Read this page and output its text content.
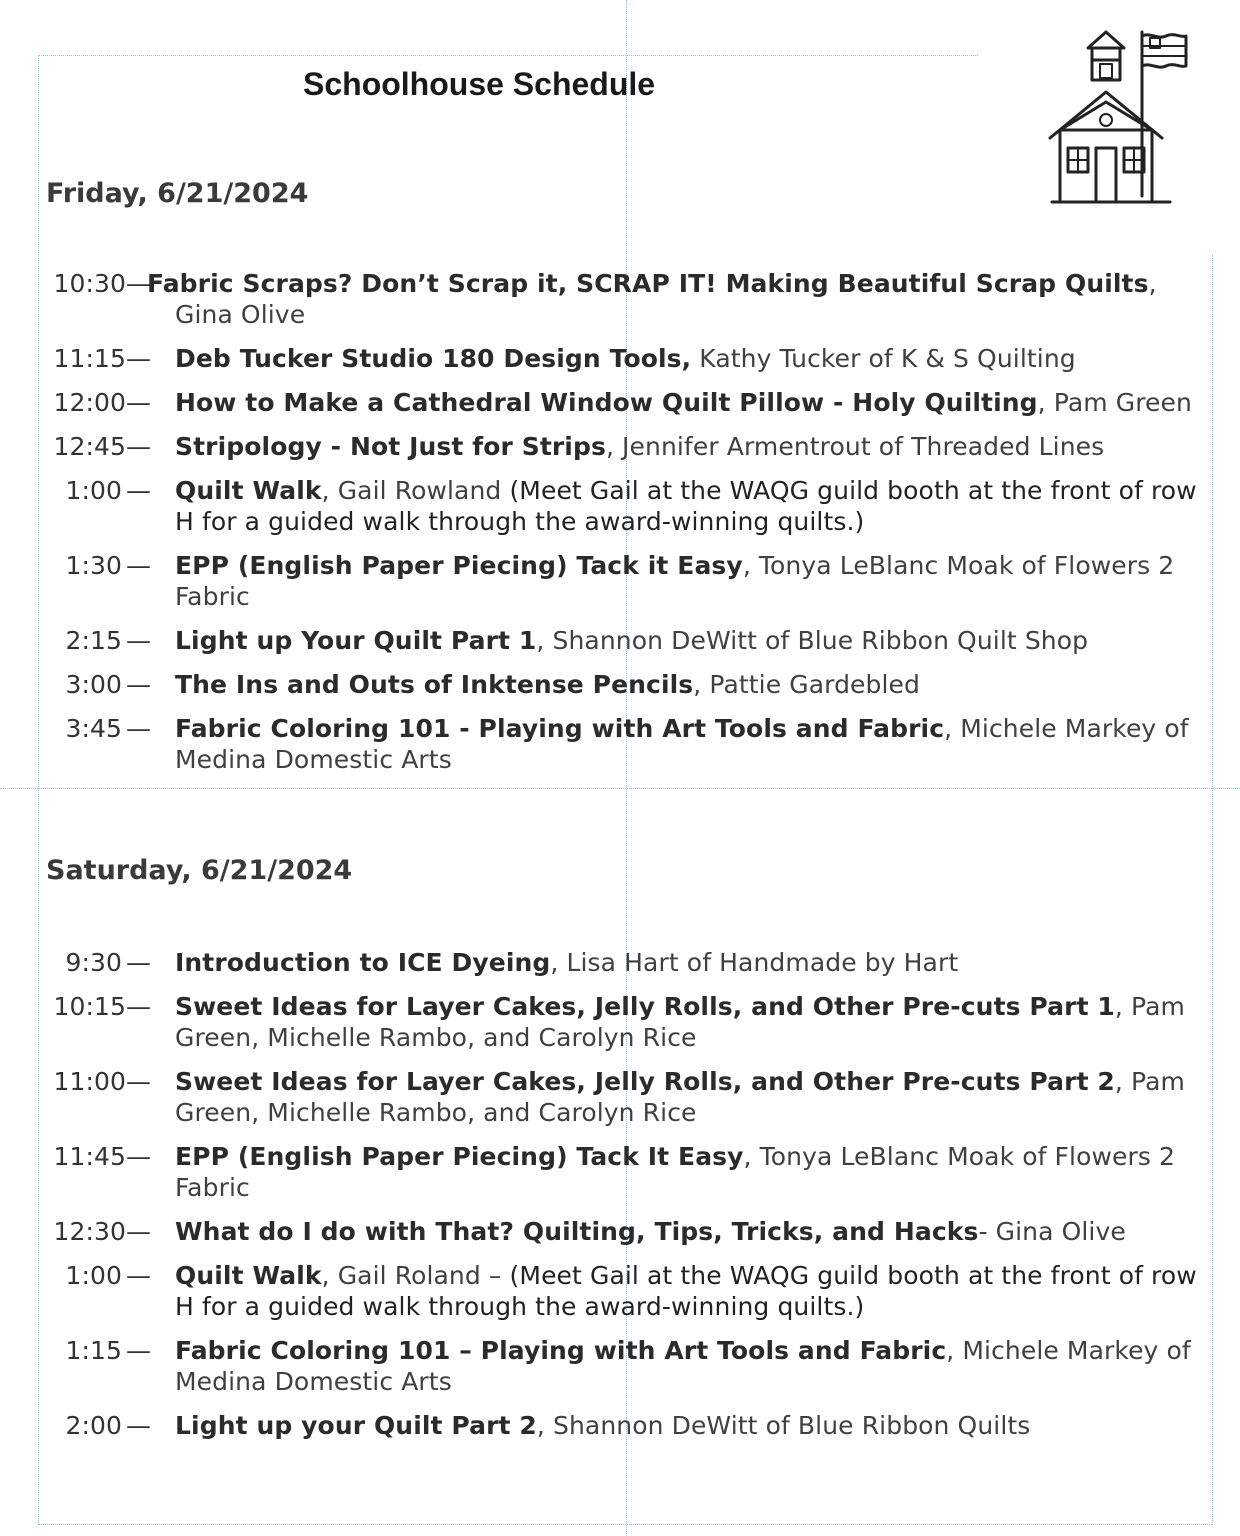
Schoolhouse Schedule
Friday, 6/21/2024
10:30 —
Fabric Scraps? Don’t Scrap it, SCRAP IT! Making Beautiful Scrap Quilts, Gina Olive
11:15 — Deb Tucker Studio 180 Design Tools, Kathy Tucker of K & S Quilting
12:00 — How to Make a Cathedral Window Quilt Pillow - Holy Quilting, Pam Green
12:45 — Stripology - Not Just for Strips, Jennifer Armentrout of Threaded Lines
1:00 — Quilt Walk, Gail Rowland (Meet Gail at the WAQG guild booth at the front of row H for a guided walk through the award-winning quilts.)
1:30 — EPP (English Paper Piecing) Tack it Easy, Tonya LeBlanc Moak of Flowers 2 Fabric
2:15 — Light up Your Quilt Part 1, Shannon DeWitt of Blue Ribbon Quilt Shop
3:00 — The Ins and Outs of Inktense Pencils, Pattie Gardebled
3:45 — Fabric Coloring 101 - Playing with Art Tools and Fabric, Michele Markey of Medina Domestic Arts
Saturday, 6/21/2024
9:30 — Introduction to ICE Dyeing, Lisa Hart of Handmade by Hart
10:15 — Sweet Ideas for Layer Cakes, Jelly Rolls, and Other Pre-cuts Part 1, Pam Green, Michelle Rambo, and Carolyn Rice
11:00 — Sweet Ideas for Layer Cakes, Jelly Rolls, and Other Pre-cuts Part 2, Pam Green, Michelle Rambo, and Carolyn Rice
11:45 — EPP (English Paper Piecing) Tack It Easy, Tonya LeBlanc Moak of Flowers 2 Fabric
12:30 — What do I do with That? Quilting, Tips, Tricks, and Hacks- Gina Olive
1:00 — Quilt Walk, Gail Roland – (Meet Gail at the WAQG guild booth at the front of row H for a guided walk through the award-winning quilts.)
1:15 — Fabric Coloring 101 – Playing with Art Tools and Fabric, Michele Markey of Medina Domestic Arts
2:00 — Light up your Quilt Part 2, Shannon DeWitt of Blue Ribbon Quilts
